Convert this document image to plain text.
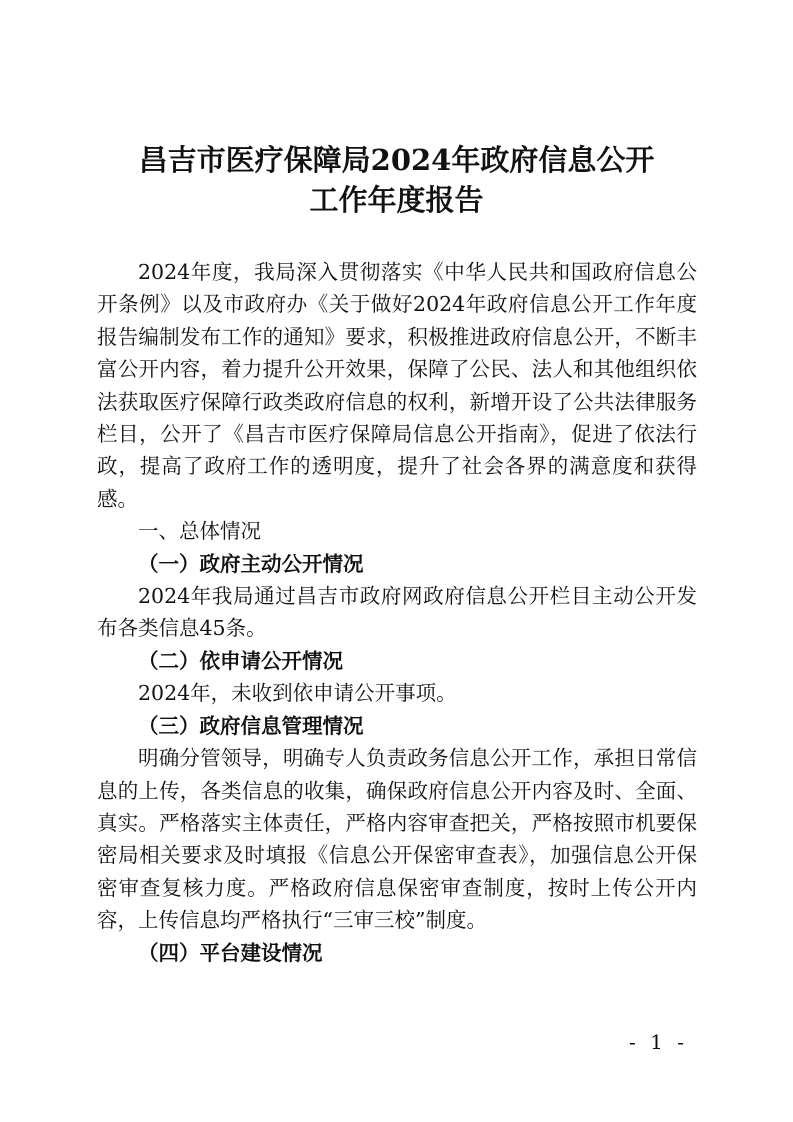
昌吉市医疗保障局2024年政府信息公开
工作年度报告

2024年度，我局深入贯彻落实《中华人民共和国政府信息公开条例》以及市政府办《关于做好2024年政府信息公开工作年度报告编制发布工作的通知》要求，积极推进政府信息公开，不断丰富公开内容，着力提升公开效果，保障了公民、法人和其他组织依法获取医疗保障行政类政府信息的权利，新增开设了公共法律服务栏目，公开了《昌吉市医疗保障局信息公开指南》，促进了依法行政，提高了政府工作的透明度，提升了社会各界的满意度和获得感。

一、总体情况

（一）政府主动公开情况

2024年我局通过昌吉市政府网政府信息公开栏目主动公开发布各类信息45条。

（二）依申请公开情况

2024年，未收到依申请公开事项。

（三）政府信息管理情况

明确分管领导，明确专人负责政务信息公开工作，承担日常信息的上传，各类信息的收集，确保政府信息公开内容及时、全面、真实。严格落实主体责任，严格内容审查把关，严格按照市机要保密局相关要求及时填报《信息公开保密审查表》，加强信息公开保密审查复核力度。严格政府信息保密审查制度，按时上传公开内容，上传信息均严格执行“三审三校”制度。

（四）平台建设情况

- 1 -
